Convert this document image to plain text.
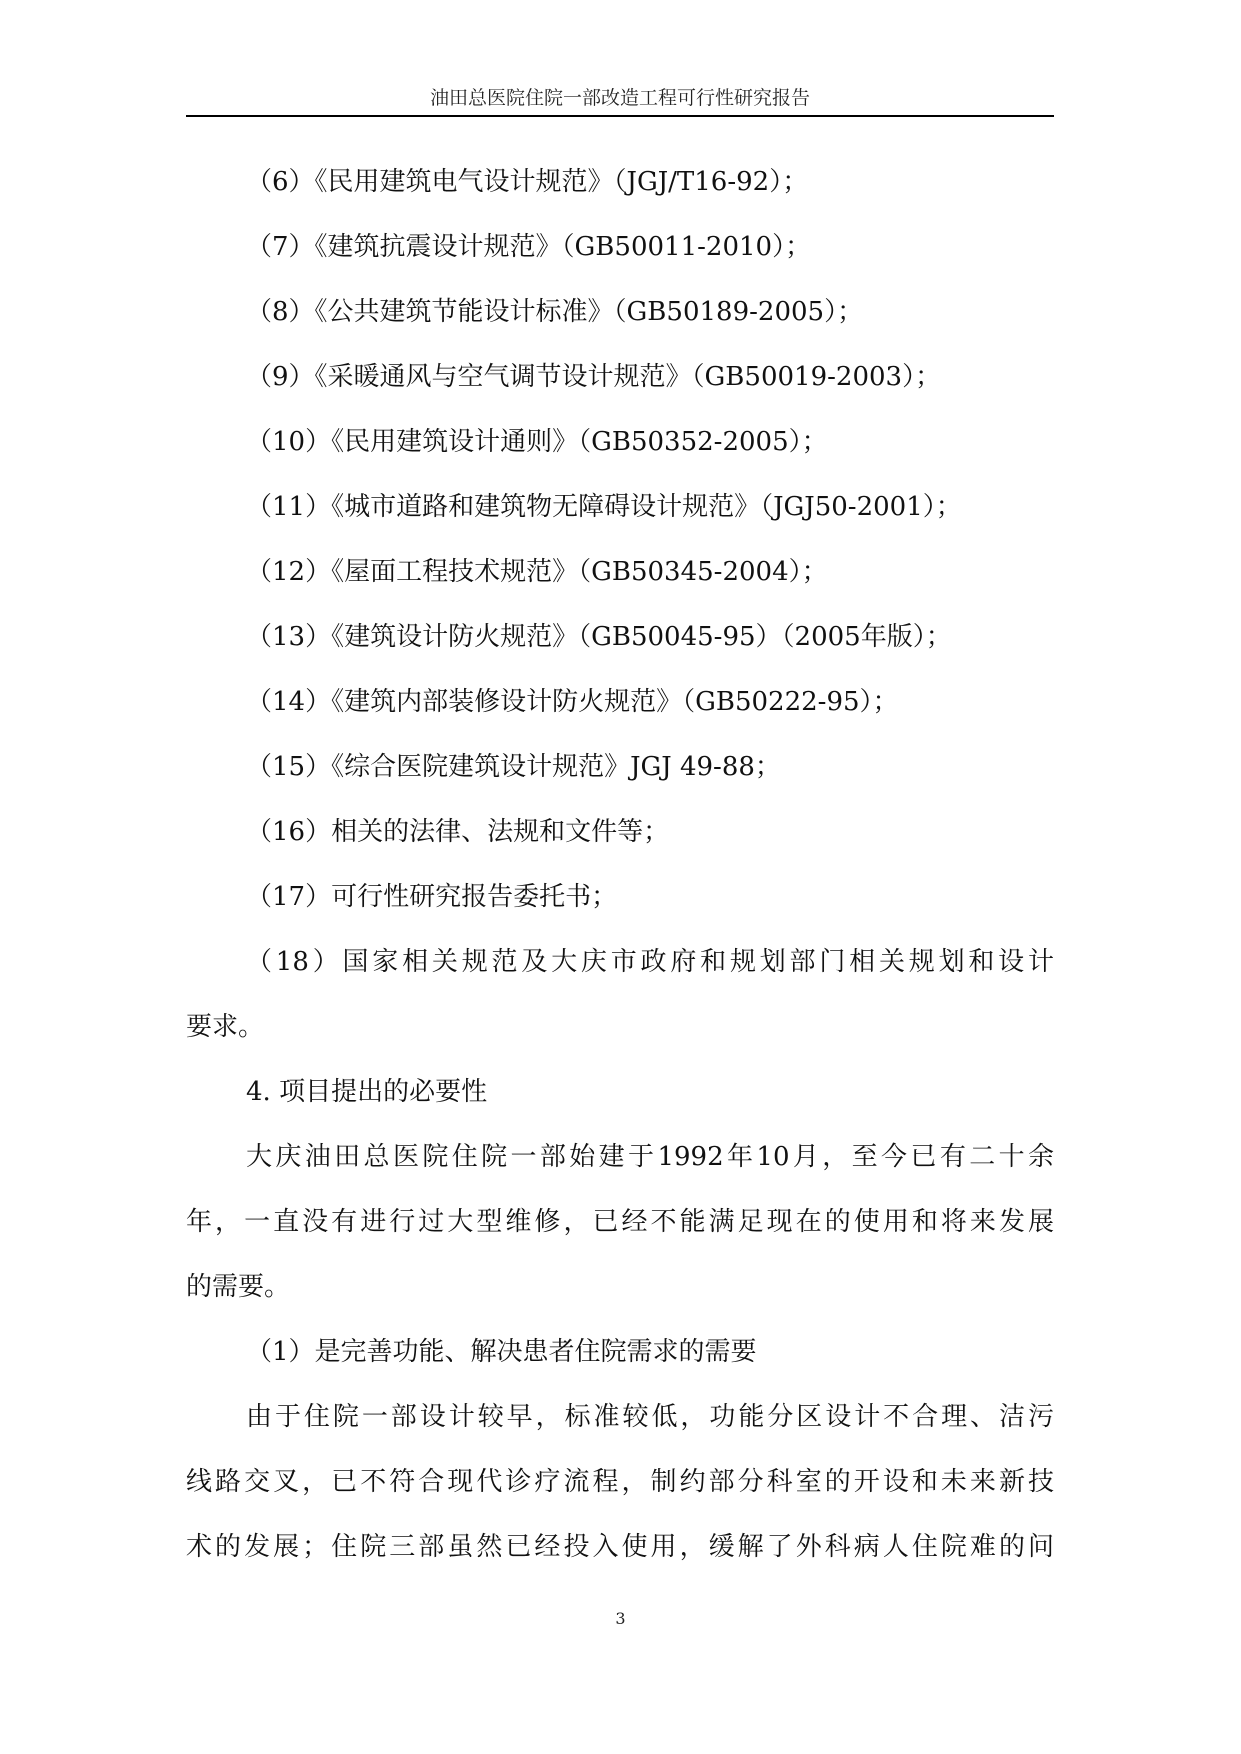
油田总医院住院一部改造工程可行性研究报告
（6）《民用建筑电气设计规范》（JGJ/T16-92）；
（7）《建筑抗震设计规范》（GB50011-2010）；
（8）《公共建筑节能设计标准》（GB50189-2005）；
（9）《采暖通风与空气调节设计规范》（GB50019-2003）；
（10）《民用建筑设计通则》（GB50352-2005）；
（11）《城市道路和建筑物无障碍设计规范》（JGJ50-2001）；
（12）《屋面工程技术规范》（GB50345-2004）；
（13）《建筑设计防火规范》（GB50045-95）（2005年版）；
（14）《建筑内部装修设计防火规范》（GB50222-95）；
（15）《综合医院建筑设计规范》JGJ 49-88；
（16）相关的法律、法规和文件等；
（17）可行性研究报告委托书；
（18）国家相关规范及大庆市政府和规划部门相关规划和设计
要求。
4. 项目提出的必要性
大庆油田总医院住院一部始建于1992年10月，至今已有二十余
年，一直没有进行过大型维修，已经不能满足现在的使用和将来发展
的需要。
（1）是完善功能、解决患者住院需求的需要
由于住院一部设计较早，标准较低，功能分区设计不合理、洁污
线路交叉，已不符合现代诊疗流程，制约部分科室的开设和未来新技
术的发展；住院三部虽然已经投入使用，缓解了外科病人住院难的问
3
